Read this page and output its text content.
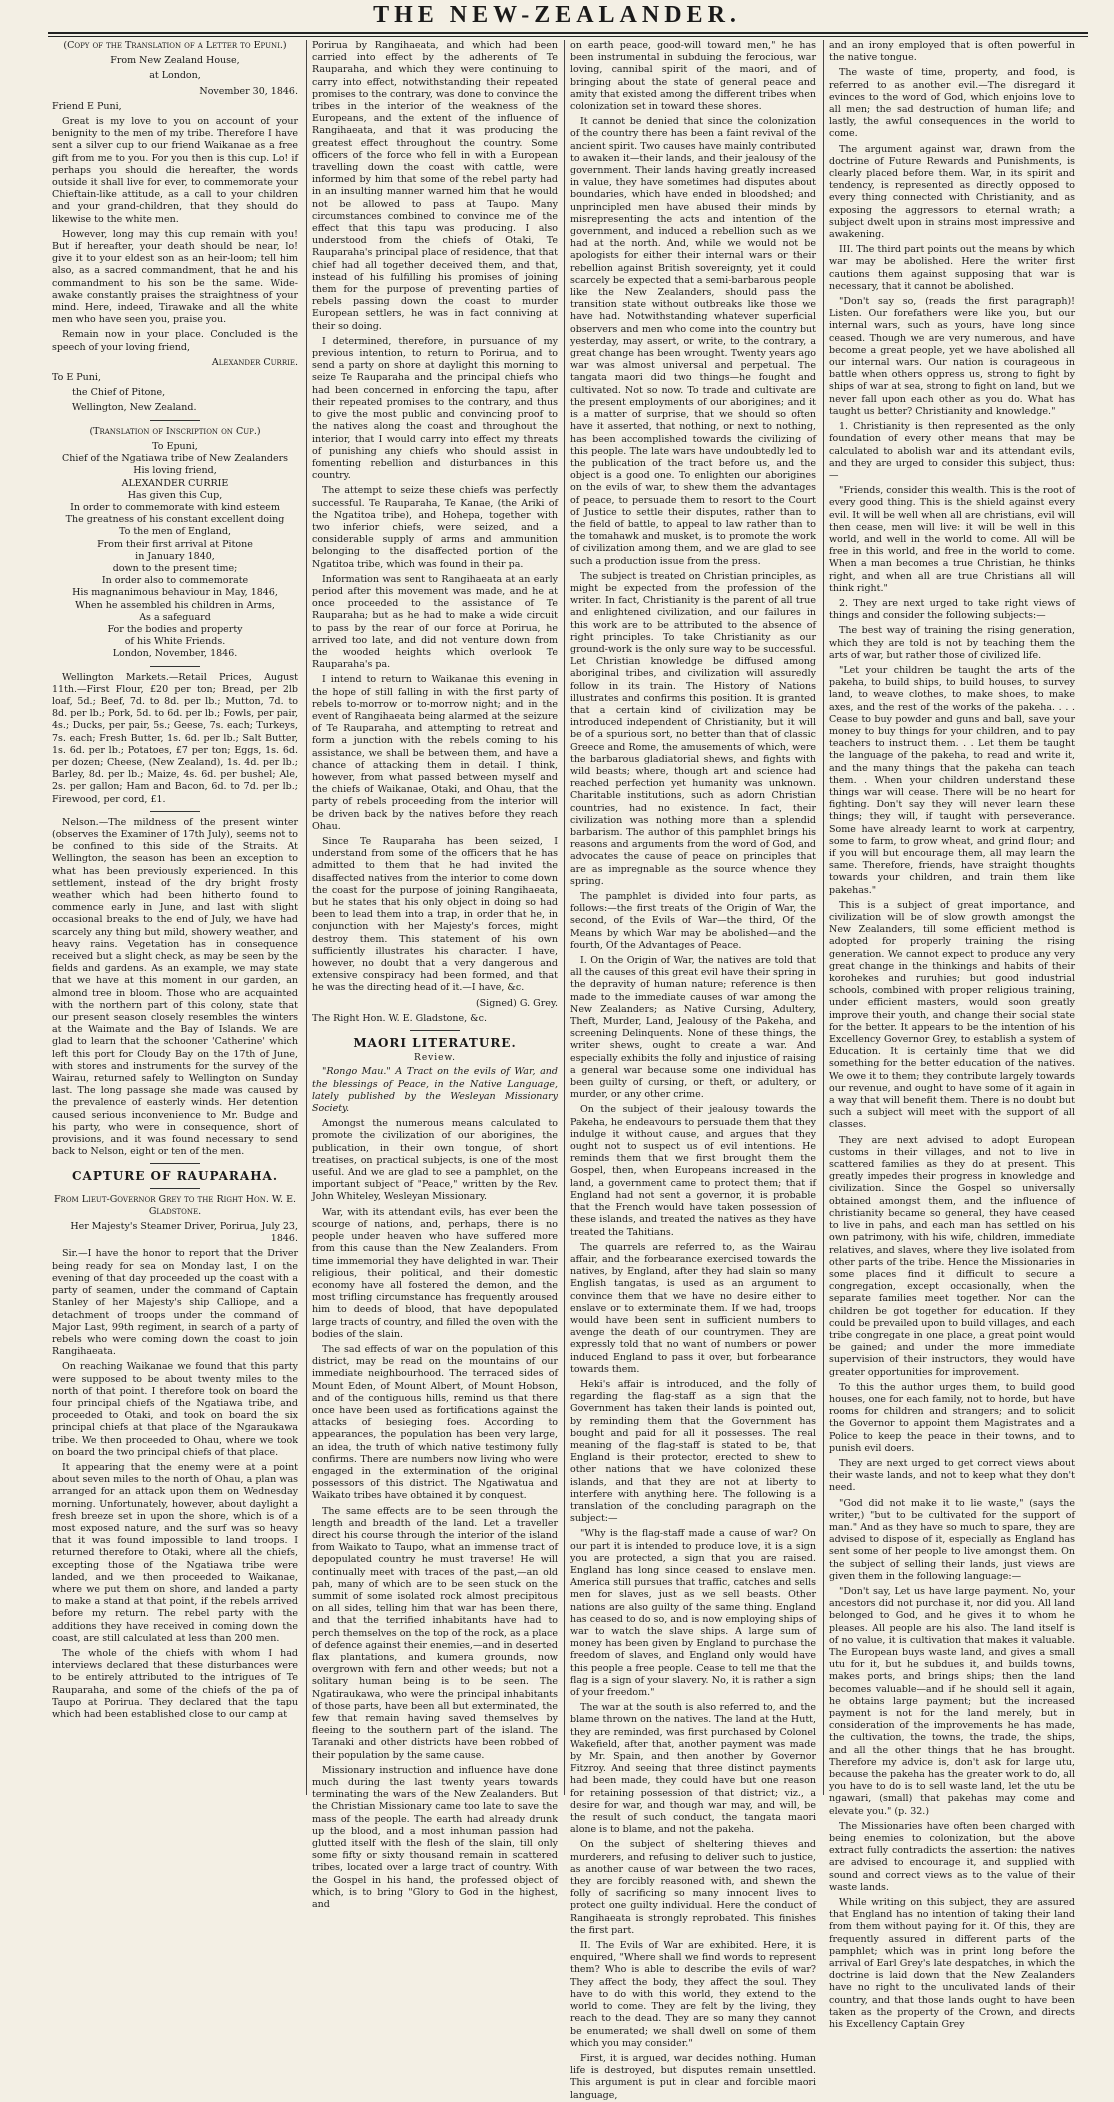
THE NEW-ZEALANDER.

(Copy of the Translation of a Letter to Epuni.)

From New Zealand House,

at London,

November 30, 1846.

Friend E Puni,

Great is my love to you on account of your benignity to the men of my tribe. Therefore I have sent a silver cup to our friend Waikanae as a free gift from me to you. For you then is this cup. Lo! if perhaps you should die hereafter, the words outside it shall live for ever, to commemorate your Chieftain-like attitude, as a call to your children and your grand-children, that they should do likewise to the white men.

However, long may this cup remain with you! But if hereafter, your death should be near, lo! give it to your eldest son as an heir-loom; tell him also, as a sacred commandment, that he and his commandment to his son be the same. Wide-awake constantly praises the straightness of your mind. Here, indeed, Tirawake and all the white men who have seen you, praise you.

Remain now in your place. Concluded is the speech of your loving friend,

Alexander Currie.

To E Puni,

the Chief of Pitone,

Wellington, New Zealand.

(Translation of Inscription on Cup.)

To Epuni,

Chief of the Ngatiawa tribe of New Zealanders

His loving friend,

ALEXANDER CURRIE

Has given this Cup,

In order to commemorate with kind esteem

The greatness of his constant excellent doing

To the men of England,

From their first arrival at Pitone

in January 1840,

down to the present time;

In order also to commemorate

His magnanimous behaviour in May, 1846,

When he assembled his children in Arms,

As a safeguard

For the bodies and property

of his White Friends.

London, November, 1846.

Wellington Markets.—Retail Prices, August 11th.—First Flour, £20 per ton; Bread, per 2lb loaf, 5d.; Beef, 7d. to 8d. per lb.; Mutton, 7d. to 8d. per lb.; Pork, 5d. to 6d. per lb.; Fowls, per pair, 4s.; Ducks, per pair, 5s.; Geese, 7s. each; Turkeys, 7s. each; Fresh Butter, 1s. 6d. per lb.; Salt Butter, 1s. 6d. per lb.; Potatoes, £7 per ton; Eggs, 1s. 6d. per dozen; Cheese, (New Zealand), 1s. 4d. per lb.; Barley, 8d. per lb.; Maize, 4s. 6d. per bushel; Ale, 2s. per gallon; Ham and Bacon, 6d. to 7d. per lb.; Firewood, per cord, £1.

Nelson.—The mildness of the present winter (observes the Examiner of 17th July), seems not to be confined to this side of the Straits. At Wellington, the season has been an exception to what has been previously experienced. In this settlement, instead of the dry bright frosty weather which had been hitherto found to commence early in June, and last with slight occasional breaks to the end of July, we have had scarcely any thing but mild, showery weather, and heavy rains. Vegetation has in consequence received but a slight check, as may be seen by the fields and gardens. As an example, we may state that we have at this moment in our garden, an almond tree in bloom. Those who are acquainted with the northern part of this colony, state that our present season closely resembles the winters at the Waimate and the Bay of Islands. We are glad to learn that the schooner 'Catherine' which left this port for Cloudy Bay on the 17th of June, with stores and instruments for the survey of the Wairau, returned safely to Wellington on Sunday last. The long passage she made was caused by the prevalence of easterly winds. Her detention caused serious inconvenience to Mr. Budge and his party, who were in consequence, short of provisions, and it was found necessary to send back to Nelson, eight or ten of the men.

CAPTURE OF RAUPARAHA.

From Lieut-Governor Grey to the Right Hon. W. E. Gladstone.

Her Majesty's Steamer Driver, Porirua, July 23, 1846.

Sir.—I have the honor to report that the Driver being ready for sea on Monday last, I on the evening of that day proceeded up the coast with a party of seamen, under the command of Captain Stanley of her Majesty's ship Calliope, and a detachment of troops under the command of Major Last, 99th regiment, in search of a party of rebels who were coming down the coast to join Rangihaeata.

On reaching Waikanae we found that this party were supposed to be about twenty miles to the north of that point. I therefore took on board the four principal chiefs of the Ngatiawa tribe, and proceeded to Otaki, and took on board the six principal chiefs at that place of the Ngaraukawa tribe. We then proceeded to Ohau, where we took on board the two principal chiefs of that place.

It appearing that the enemy were at a point about seven miles to the north of Ohau, a plan was arranged for an attack upon them on Wednesday morning. Unfortunately, however, about daylight a fresh breeze set in upon the shore, which is of a most exposed nature, and the surf was so heavy that it was found impossible to land troops. I returned therefore to Otaki, where all the chiefs, excepting those of the Ngatiawa tribe were landed, and we then proceeded to Waikanae, where we put them on shore, and landed a party to make a stand at that point, if the rebels arrived before my return. The rebel party with the additions they have received in coming down the coast, are still calculated at less than 200 men.

The whole of the chiefs with whom I had interviews declared that these disturbances were to be entirely attributed to the intrigues of Te Rauparaha, and some of the chiefs of the pa of Taupo at Porirua. They declared that the tapu which had been established close to our camp at

Porirua by Rangihaeata, and which had been carried into effect by the adherents of Te Rauparaha, and which they were continuing to carry into effect, notwithstanding their repeated promises to the contrary, was done to convince the tribes in the interior of the weakness of the Europeans, and the extent of the influence of Rangihaeata, and that it was producing the greatest effect throughout the country. Some officers of the force who fell in with a European travelling down the coast with cattle, were informed by him that some of the rebel party had in an insulting manner warned him that he would not be allowed to pass at Taupo. Many circumstances combined to convince me of the effect that this tapu was producing. I also understood from the chiefs of Otaki, Te Rauparaha's principal place of residence, that that chief had all together deceived them, and that, instead of his fulfilling his promises of joining them for the purpose of preventing parties of rebels passing down the coast to murder European settlers, he was in fact conniving at their so doing.

I determined, therefore, in pursuance of my previous intention, to return to Porirua, and to send a party on shore at daylight this morning to seize Te Rauparaha and the principal chiefs who had been concerned in enforcing the tapu, after their repeated promises to the contrary, and thus to give the most public and convincing proof to the natives along the coast and throughout the interior, that I would carry into effect my threats of punishing any chiefs who should assist in fomenting rebellion and disturbances in this country.

The attempt to seize these chiefs was perfectly successful. Te Rauparaha, Te Kanae, (the Ariki of the Ngatitoa tribe), and Hohepa, together with two inferior chiefs, were seized, and a considerable supply of arms and ammunition belonging to the disaffected portion of the Ngatitoa tribe, which was found in their pa.

Information was sent to Rangihaeata at an early period after this movement was made, and he at once proceeded to the assistance of Te Rauparaha; but as he had to make a wide circuit to pass by the rear of our force at Porirua, he arrived too late, and did not venture down from the wooded heights which overlook Te Rauparaha's pa.

I intend to return to Waikanae this evening in the hope of still falling in with the first party of rebels to-morrow or to-morrow night; and in the event of Rangihaeata being alarmed at the seizure of Te Rauparaha, and attempting to retreat and form a junction with the rebels coming to his assistance, we shall be between them, and have a chance of attacking them in detail. I think, however, from what passed between myself and the chiefs of Waikanae, Otaki, and Ohau, that the party of rebels proceeding from the interior will be driven back by the natives before they reach Ohau.

Since Te Rauparaha has been seized, I understand from some of the officers that he has admitted to them that he had invited the disaffected natives from the interior to come down the coast for the purpose of joining Rangihaeata, but he states that his only object in doing so had been to lead them into a trap, in order that he, in conjunction with her Majesty's forces, might destroy them. This statement of his own sufficiently illustrates his character. I have, however, no doubt that a very dangerous and extensive conspiracy had been formed, and that he was the directing head of it.—I have, &c.

(Signed) G. Grey.

The Right Hon. W. E. Gladstone, &c.

MAORI LITERATURE.
Review.

"Rongo Mau." A Tract on the evils of War, and the blessings of Peace, in the Native Language, lately published by the Wesleyan Missionary Society.

Amongst the numerous means calculated to promote the civilization of our aborigines, the publication, in their own tongue, of short treatises, on practical subjects, is one of the most useful. And we are glad to see a pamphlet, on the important subject of "Peace," written by the Rev. John Whiteley, Wesleyan Missionary.

War, with its attendant evils, has ever been the scourge of nations, and, perhaps, there is no people under heaven who have suffered more from this cause than the New Zealanders. From time immemorial they have delighted in war. Their religious, their political, and their domestic economy have all fostered the demon, and the most trifling circumstance has frequently aroused him to deeds of blood, that have depopulated large tracts of country, and filled the oven with the bodies of the slain.

The sad effects of war on the population of this district, may be read on the mountains of our immediate neighbourhood. The terraced sides of Mount Eden, of Mount Albert, of Mount Hobson, and of the contiguous hills, remind us that there once have been used as fortifications against the attacks of besieging foes. According to appearances, the population has been very large, an idea, the truth of which native testimony fully confirms. There are numbers now living who were engaged in the extermination of the original possessors of this district. The Ngatiwatua and Waikato tribes have obtained it by conquest.

The same effects are to be seen through the length and breadth of the land. Let a traveller direct his course through the interior of the island from Waikato to Taupo, what an immense tract of depopulated country he must traverse! He will continually meet with traces of the past,—an old pah, many of which are to be seen stuck on the summit of some isolated rock almost precipitous on all sides, telling him that war has been there, and that the terrified inhabitants have had to perch themselves on the top of the rock, as a place of defence against their enemies,—and in deserted flax plantations, and kumera grounds, now overgrown with fern and other weeds; but not a solitary human being is to be seen. The Ngatiraukawa, who were the principal inhabitants of those parts, have been all but exterminated, the few that remain having saved themselves by fleeing to the southern part of the island. The Taranaki and other districts have been robbed of their population by the same cause.

Missionary instruction and influence have done much during the last twenty years towards terminating the wars of the New Zealanders. But the Christian Missionary came too late to save the mass of the people. The earth had already drunk up the blood, and a most inhuman passion had glutted itself with the flesh of the slain, till only some fifty or sixty thousand remain in scattered tribes, located over a large tract of country. With the Gospel in his hand, the professed object of which, is to bring "Glory to God in the highest, and

on earth peace, good-will toward men," he has been instrumental in subduing the ferocious, war loving, cannibal spirit of the maori, and of bringing about the state of general peace and amity that existed among the different tribes when colonization set in toward these shores.

It cannot be denied that since the colonization of the country there has been a faint revival of the ancient spirit. Two causes have mainly contributed to awaken it—their lands, and their jealousy of the government. Their lands having greatly increased in value, they have sometimes had disputes about boundaries, which have ended in bloodshed; and unprincipled men have abused their minds by misrepresenting the acts and intention of the government, and induced a rebellion such as we had at the north. And, while we would not be apologists for either their internal wars or their rebellion against British sovereignty, yet it could scarcely be expected that a semi-barbarous people like the New Zealanders, should pass the transition state without outbreaks like those we have had. Notwithstanding whatever superficial observers and men who come into the country but yesterday, may assert, or write, to the contrary, a great change has been wrought. Twenty years ago war was almost universal and perpetual. The tangata maori did two things—he fought and cultivated. Not so now. To trade and cultivate are the present employments of our aborigines; and it is a matter of surprise, that we should so often have it asserted, that nothing, or next to nothing, has been accomplished towards the civilizing of this people. The late wars have undoubtedly led to the publication of the tract before us, and the object is a good one. To enlighten our aborigines on the evils of war, to shew them the advantages of peace, to persuade them to resort to the Court of Justice to settle their disputes, rather than to the field of battle, to appeal to law rather than to the tomahawk and musket, is to promote the work of civilization among them, and we are glad to see such a production issue from the press.

The subject is treated on Christian principles, as might be expected from the profession of the writer. In fact, Christianity is the parent of all true and enlightened civilization, and our failures in this work are to be attributed to the absence of right principles. To take Christianity as our ground-work is the only sure way to be successful. Let Christian knowledge be diffused among aboriginal tribes, and civilization will assuredly follow in its train. The History of Nations illustrates and confirms this position. It is granted that a certain kind of civilization may be introduced independent of Christianity, but it will be of a spurious sort, no better than that of classic Greece and Rome, the amusements of which, were the barbarous gladiatorial shews, and fights with wild beasts; where, though art and science had reached perfection yet humanity was unknown. Charitable institutions, such as adorn Christian countries, had no existence. In fact, their civilization was nothing more than a splendid barbarism. The author of this pamphlet brings his reasons and arguments from the word of God, and advocates the cause of peace on principles that are as impregnable as the source whence they spring.

The pamphlet is divided into four parts, as follows:—the first treats of the Origin of War, the second, of the Evils of War—the third, Of the Means by which War may be abolished—and the fourth, Of the Advantages of Peace.

I. On the Origin of War, the natives are told that all the causes of this great evil have their spring in the depravity of human nature; reference is then made to the immediate causes of war among the New Zealanders; as Native Cursing, Adultery, Theft, Murder, Land, Jealousy of the Pakeha, and screening Delinquents. None of these things, the writer shews, ought to create a war. And especially exhibits the folly and injustice of raising a general war because some one individual has been guilty of cursing, or theft, or adultery, or murder, or any other crime.

On the subject of their jealousy towards the Pakeha, he endeavours to persuade them that they indulge it without cause, and argues that they ought not to suspect us of evil intentions. He reminds them that we first brought them the Gospel, then, when Europeans increased in the land, a government came to protect them; that if England had not sent a governor, it is probable that the French would have taken possession of these islands, and treated the natives as they have treated the Tahitians.

The quarrels are referred to, as the Wairau affair, and the forbearance exercised towards the natives, by England, after they had slain so many English tangatas, is used as an argument to convince them that we have no desire either to enslave or to exterminate them. If we had, troops would have been sent in sufficient numbers to avenge the death of our countrymen. They are expressly told that no want of numbers or power induced England to pass it over, but forbearance towards them.

Heki's affair is introduced, and the folly of regarding the flag-staff as a sign that the Government has taken their lands is pointed out, by reminding them that the Government has bought and paid for all it possesses. The real meaning of the flag-staff is stated to be, that England is their protector, erected to shew to other nations that we have colonized these islands, and that they are not at liberty to interfere with anything here. The following is a translation of the concluding paragraph on the subject:—

"Why is the flag-staff made a cause of war? On our part it is intended to produce love, it is a sign you are protected, a sign that you are raised. England has long since ceased to enslave men. America still pursues that traffic, catches and sells men for slaves, just as we sell beasts. Other nations are also guilty of the same thing. England has ceased to do so, and is now employing ships of war to watch the slave ships. A large sum of money has been given by England to purchase the freedom of slaves, and England only would have this people a free people. Cease to tell me that the flag is a sign of your slavery. No, it is rather a sign of your freedom."

The war at the south is also referred to, and the blame thrown on the natives. The land at the Hutt, they are reminded, was first purchased by Colonel Wakefield, after that, another payment was made by Mr. Spain, and then another by Governor Fitzroy. And seeing that three distinct payments had been made, they could have but one reason for retaining possession of that district; viz., a desire for war, and though war may, and will, be the result of such conduct, the tangata maori alone is to blame, and not the pakeha.

On the subject of sheltering thieves and murderers, and refusing to deliver such to justice, as another cause of war between the two races, they are forcibly reasoned with, and shewn the folly of sacrificing so many innocent lives to protect one guilty individual. Here the conduct of Rangihaeata is strongly reprobated. This finishes the first part.

II. The Evils of War are exhibited. Here, it is enquired, "Where shall we find words to represent them? Who is able to describe the evils of war? They affect the body, they affect the soul. They have to do with this world, they extend to the world to come. They are felt by the living, they reach to the dead. They are so many they cannot be enumerated; we shall dwell on some of them which you may consider."

First, it is argued, war decides nothing. Human life is destroyed, but disputes remain unsettled. This argument is put in clear and forcible maori language,

and an irony employed that is often powerful in the native tongue.

The waste of time, property, and food, is referred to as another evil.—The disregard it evinces to the word of God, which enjoins love to all men; the sad destruction of human life; and lastly, the awful consequences in the world to come.

The argument against war, drawn from the doctrine of Future Rewards and Punishments, is clearly placed before them. War, in its spirit and tendency, is represented as directly opposed to every thing connected with Christianity, and as exposing the aggressors to eternal wrath; a subject dwelt upon in strains most impressive and awakening.

III. The third part points out the means by which war may be abolished. Here the writer first cautions them against supposing that war is necessary, that it cannot be abolished.

"Don't say so, (reads the first paragraph)! Listen. Our forefathers were like you, but our internal wars, such as yours, have long since ceased. Though we are very numerous, and have become a great people, yet we have abolished all our internal wars. Our nation is courageous in battle when others oppress us, strong to fight by ships of war at sea, strong to fight on land, but we never fall upon each other as you do. What has taught us better? Christianity and knowledge."

1. Christianity is then represented as the only foundation of every other means that may be calculated to abolish war and its attendant evils, and they are urged to consider this subject, thus:—

"Friends, consider this wealth. This is the root of every good thing. This is the shield against every evil. It will be well when all are christians, evil will then cease, men will live: it will be well in this world, and well in the world to come. All will be free in this world, and free in the world to come. When a man becomes a true Christian, he thinks right, and when all are true Christians all will think right."

2. They are next urged to take right views of things and consider the following subjects:—

The best way of training the rising generation, which they are told is not by teaching them the arts of war, but rather those of civilized life.

"Let your children be taught the arts of the pakeha, to build ships, to build houses, to survey land, to weave clothes, to make shoes, to make axes, and the rest of the works of the pakeha. . . . Cease to buy powder and guns and ball, save your money to buy things for your children, and to pay teachers to instruct them. . . Let them be taught the language of the pakeha, to read and write it, and the many things that the pakeha can teach them. . When your children understand these things war will cease. There will be no heart for fighting. Don't say they will never learn these things; they will, if taught with perseverance. Some have already learnt to work at carpentry, some to farm, to grow wheat, and grind flour; and if you will but encourage them, all may learn the same. Therefore, friends, have straight thoughts towards your children, and train them like pakehas."

This is a subject of great importance, and civilization will be of slow growth amongst the New Zealanders, till some efficient method is adopted for properly training the rising generation. We cannot expect to produce any very great change in the thinkings and habits of their korohekes and ruruhies; but good industrial schools, combined with proper religious training, under efficient masters, would soon greatly improve their youth, and change their social state for the better. It appears to be the intention of his Excellency Governor Grey, to establish a system of Education. It is certainly time that we did something for the better education of the natives. We owe it to them; they contribute largely towards our revenue, and ought to have some of it again in a way that will benefit them. There is no doubt but such a subject will meet with the support of all classes.

They are next advised to adopt European customs in their villages, and not to live in scattered families as they do at present. This greatly impedes their progress in knowledge and civilization. Since the Gospel so universally obtained amongst them, and the influence of christianity became so general, they have ceased to live in pahs, and each man has settled on his own patrimony, with his wife, children, immediate relatives, and slaves, where they live isolated from other parts of the tribe. Hence the Missionaries in some places find it difficult to secure a congregation, except occasionally, when the separate families meet together. Nor can the children be got together for education. If they could be prevailed upon to build villages, and each tribe congregate in one place, a great point would be gained; and under the more immediate supervision of their instructors, they would have greater opportunities for improvement.

To this the author urges them, to build good houses, one for each family, not to horde, but have rooms for children and strangers; and to solicit the Governor to appoint them Magistrates and a Police to keep the peace in their towns, and to punish evil doers.

They are next urged to get correct views about their waste lands, and not to keep what they don't need.

"God did not make it to lie waste," (says the writer,) "but to be cultivated for the support of man." And as they have so much to spare, they are advised to dispose of it, especially as England has sent some of her people to live amongst them. On the subject of selling their lands, just views are given them in the following language:—

"Don't say, Let us have large payment. No, your ancestors did not purchase it, nor did you. All land belonged to God, and he gives it to whom he pleases. All people are his also. The land itself is of no value, it is cultivation that makes it valuable. The European buys waste land, and gives a small utu for it, but he subdues it, and builds towns, makes ports, and brings ships; then the land becomes valuable—and if he should sell it again, he obtains large payment; but the increased payment is not for the land merely, but in consideration of the improvements he has made, the cultivation, the towns, the trade, the ships, and all the other things that he has brought. Therefore my advice is, don't ask for large utu, because the pakeha has the greater work to do, all you have to do is to sell waste land, let the utu be ngawari, (small) that pakehas may come and elevate you." (p. 32.)

The Missionaries have often been charged with being enemies to colonization, but the above extract fully contradicts the assertion: the natives are advised to encourage it, and supplied with sound and correct views as to the value of their waste lands.

While writing on this subject, they are assured that England has no intention of taking their land from them without paying for it. Of this, they are frequently assured in different parts of the pamphlet; which was in print long before the arrival of Earl Grey's late despatches, in which the doctrine is laid down that the New Zealanders have no right to the unculivated lands of their country, and that those lands ought to have been taken as the property of the Crown, and directs his Excellency Captain Grey
